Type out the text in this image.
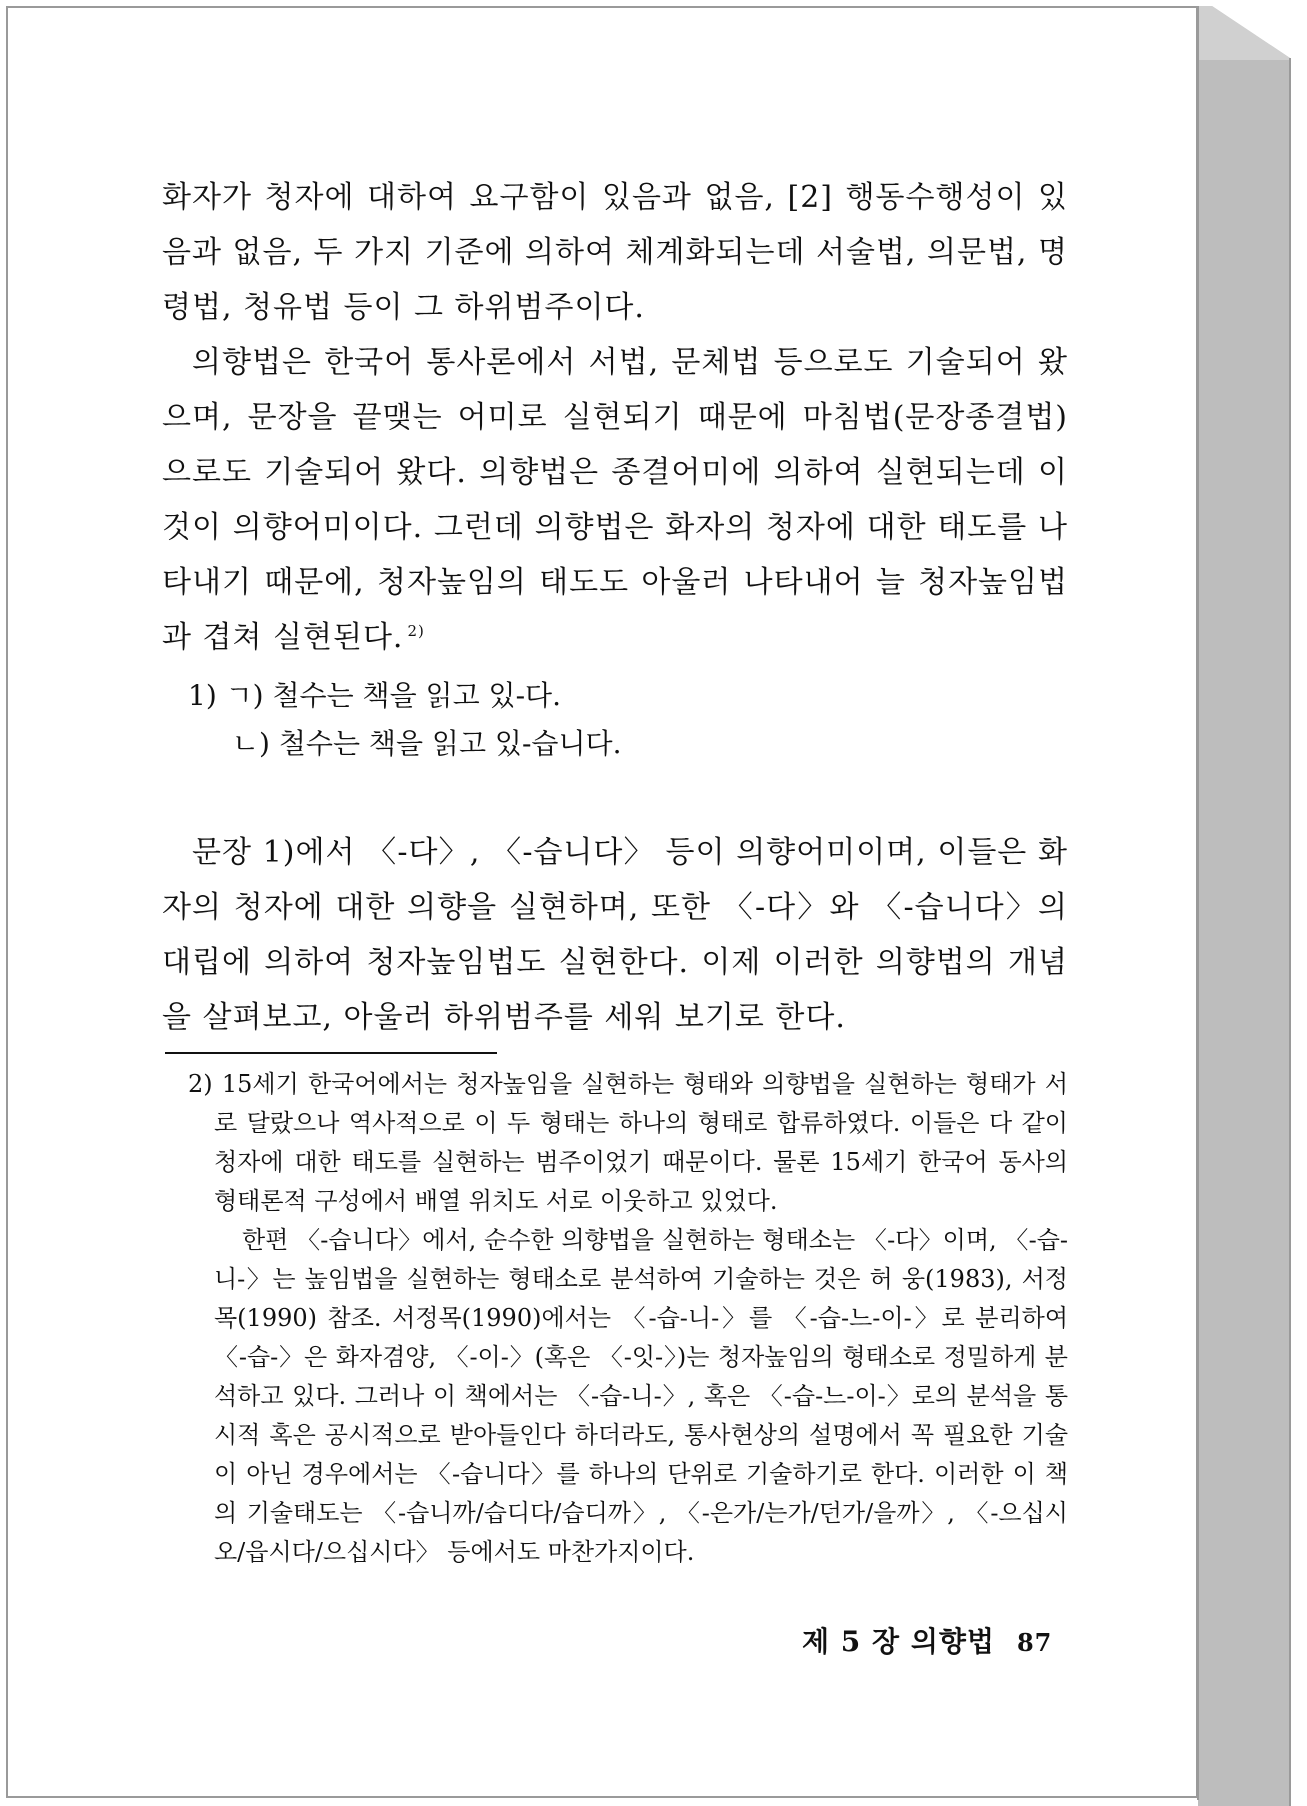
화자가 청자에 대하여 요구함이 있음과 없음, [2] 행동수행성이 있음과 없음, 두 가지 기준에 의하여 체계화되는데 서술법, 의문법, 명령법, 청유법 등이 그 하위범주이다.

의향법은 한국어 통사론에서 서법, 문체법 등으로도 기술되어 왔으며, 문장을 끝맺는 어미로 실현되기 때문에 마침법(문장종결법)으로도 기술되어 왔다. 의향법은 종결어미에 의하여 실현되는데 이것이 의향어미이다. 그런데 의향법은 화자의 청자에 대한 태도를 나타내기 때문에, 청자높임의 태도도 아울러 나타내어 늘 청자높임법과 겹쳐 실현된다. $^{2)}$

1) ㄱ) 철수는 책을 읽고 있-다.
ㄴ) 철수는 책을 읽고 있-습니다.

문장 1)에서 〈-다〉, 〈-습니다〉 등이 의향어미이며, 이들은 화자의 청자에 대한 의향을 실현하며, 또한 〈-다〉와 〈-습니다〉의 대립에 의하여 청자높임법도 실현한다. 이제 이러한 의향법의 개념을 살펴보고, 아울러 하위범주를 세워 보기로 한다.

2) 15세기 한국어에서는 청자높임을 실현하는 형태와 의향법을 실현하는 형태가 서로 달랐으나 역사적으로 이 두 형태는 하나의 형태로 합류하였다. 이들은 다 같이 청자에 대한 태도를 실현하는 범주이었기 때문이다. 물론 15세기 한국어 동사의 형태론적 구성에서 배열 위치도 서로 이웃하고 있었다.

한편 〈-습니다〉에서, 순수한 의향법을 실현하는 형태소는 〈-다〉이며, 〈-습-니-〉는 높임법을 실현하는 형태소로 분석하여 기술하는 것은 허 웅(1983), 서정목(1990) 참조. 서정목(1990)에서는 〈-습-니-〉를 〈-습-느-이-〉로 분리하여 〈-습-〉은 화자겸양, 〈-이-〉(혹은 〈-잇-〉)는 청자높임의 형태소로 정밀하게 분석하고 있다. 그러나 이 책에서는 〈-습-니-〉, 혹은 〈-습-느-이-〉로의 분석을 통시적 혹은 공시적으로 받아들인다 하더라도, 통사현상의 설명에서 꼭 필요한 기술이 아닌 경우에서는 〈-습니다〉를 하나의 단위로 기술하기로 한다. 이러한 이 책의 기술태도는 〈-습니까/습디다/습디까〉, 〈-은가/는가/던가/을까〉, 〈-으십시오/읍시다/으십시다〉 등에서도 마찬가지이다.

제 5 장 의향법 87
